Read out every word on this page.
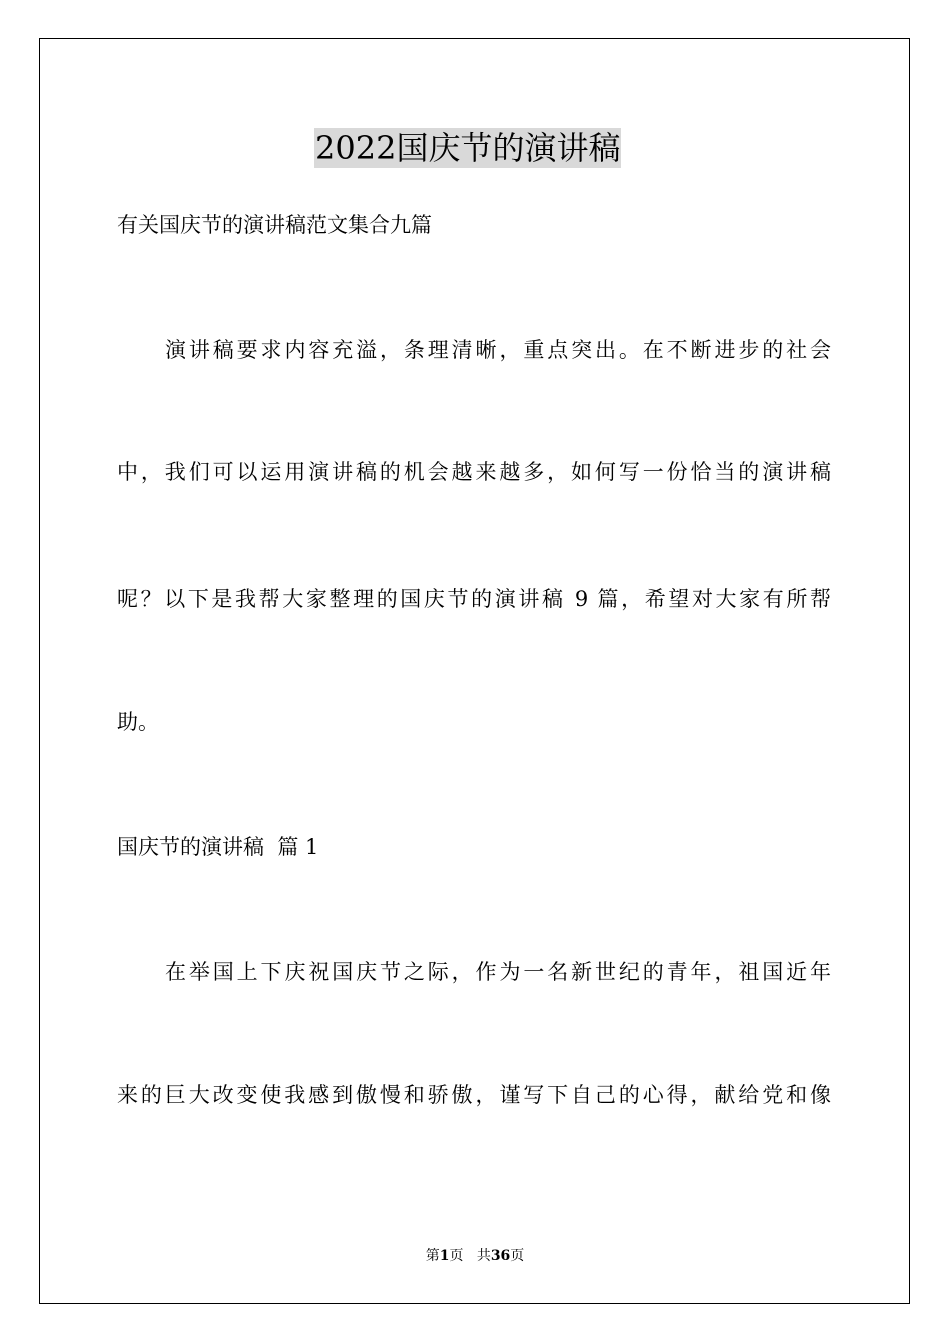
2022国庆节的演讲稿
有关国庆节的演讲稿范文集合九篇
演讲稿要求内容充溢，条理清晰，重点突出。在不断进步的社会
中，我们可以运用演讲稿的机会越来越多，如何写一份恰当的演讲稿
呢？以下是我帮大家整理的国庆节的演讲稿 9 篇，希望对大家有所帮
助。
国庆节的演讲稿  篇 1
在举国上下庆祝国庆节之际，作为一名新世纪的青年，祖国近年
来的巨大改变使我感到傲慢和骄傲，谨写下自己的心得，献给党和像
第1页 共36页
